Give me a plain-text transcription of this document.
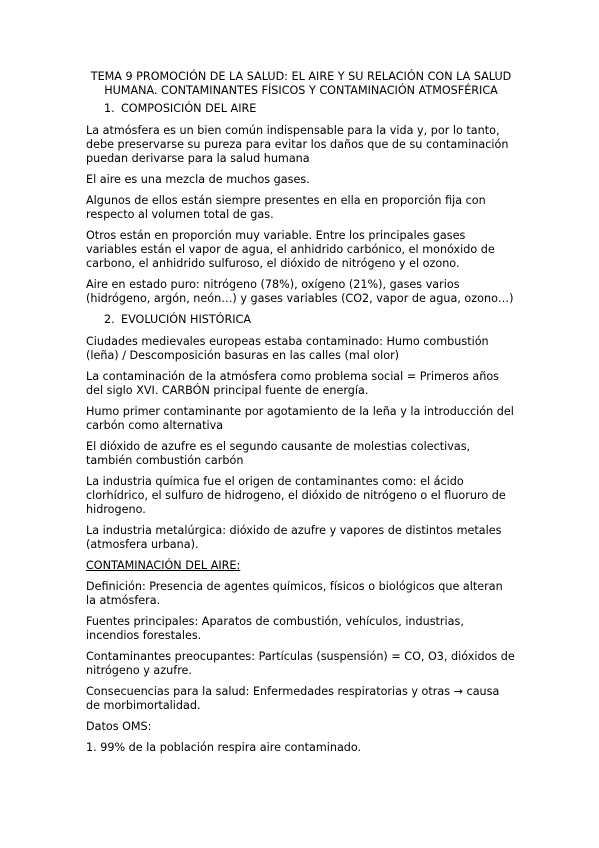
TEMA 9 PROMOCIÓN DE LA SALUD: EL AIRE Y SU RELACIÓN CON LA SALUD
HUMANA. CONTAMINANTES FÍSICOS Y CONTAMINACIÓN ATMOSFÉRICA
1. COMPOSICIÓN DEL AIRE

La atmósfera es un bien común indispensable para la vida y, por lo tanto, debe preservarse su pureza para evitar los daños que de su contaminación puedan derivarse para la salud humana

El aire es una mezcla de muchos gases.

Algunos de ellos están siempre presentes en ella en proporción fija con respecto al volumen total de gas.

Otros están en proporción muy variable. Entre los principales gases variables están el vapor de agua, el anhidrido carbónico, el monóxido de carbono, el anhidrido sulfuroso, el dióxido de nitrógeno y el ozono.

Aire en estado puro: nitrógeno (78%), oxígeno (21%), gases varios (hidrógeno, argón, neón…) y gases variables (CO2, vapor de agua, ozono…)

2. EVOLUCIÓN HISTÓRICA

Ciudades medievales europeas estaba contaminado: Humo combustión (leña) / Descomposición basuras en las calles (mal olor)

La contaminación de la atmósfera como problema social = Primeros años del siglo XVI. CARBÓN principal fuente de energía.

Humo primer contaminante por agotamiento de la leña y la introducción del carbón como alternativa

El dióxido de azufre es el segundo causante de molestias colectivas, también combustión carbón

La industria química fue el origen de contaminantes como: el ácido clorhídrico, el sulfuro de hidrogeno, el dióxido de nitrógeno o el fluoruro de hidrogeno.

La industria metalúrgica: dióxido de azufre y vapores de distintos metales (atmosfera urbana).

CONTAMINACIÓN DEL AIRE:

Definición: Presencia de agentes químicos, físicos o biológicos que alteran la atmósfera.

Fuentes principales: Aparatos de combustión, vehículos, industrias, incendios forestales.

Contaminantes preocupantes: Partículas (suspensión) = CO, O3, dióxidos de nitrógeno y azufre.

Consecuencias para la salud: Enfermedades respiratorias y otras → causa de morbimortalidad.

Datos OMS:

1. 99% de la población respira aire contaminado.
